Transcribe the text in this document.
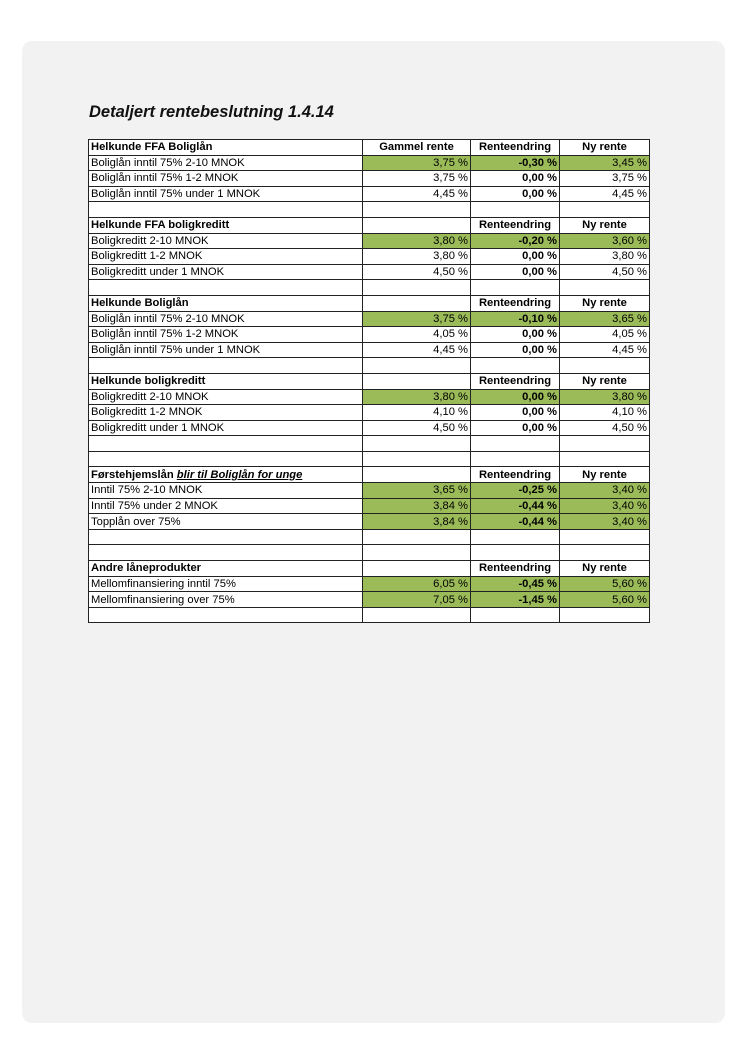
Detaljert rentebeslutning 1.4.14
Helkunde FFA Boliglån	Gammel rente	Renteendring	Ny rente
Boliglån inntil 75% 2-10 MNOK	3,75 %	-0,30 %	3,45 %
Boliglån inntil 75% 1-2 MNOK	3,75 %	0,00 %	3,75 %
Boliglån inntil 75% under 1 MNOK	4,45 %	0,00 %	4,45 %

Helkunde FFA boligkreditt		Renteendring	Ny rente
Boligkreditt 2-10 MNOK	3,80 %	-0,20 %	3,60 %
Boligkreditt 1-2 MNOK	3,80 %	0,00 %	3,80 %
Boligkreditt under 1 MNOK	4,50 %	0,00 %	4,50 %

Helkunde Boliglån		Renteendring	Ny rente
Boliglån inntil 75% 2-10 MNOK	3,75 %	-0,10 %	3,65 %
Boliglån inntil 75% 1-2 MNOK	4,05 %	0,00 %	4,05 %
Boliglån inntil 75% under 1 MNOK	4,45 %	0,00 %	4,45 %

Helkunde boligkreditt		Renteendring	Ny rente
Boligkreditt 2-10 MNOK	3,80 %	0,00 %	3,80 %
Boligkreditt 1-2 MNOK	4,10 %	0,00 %	4,10 %
Boligkreditt under 1 MNOK	4,50 %	0,00 %	4,50 %

Førstehjemslån blir til Boliglån for unge		Renteendring	Ny rente
Inntil 75% 2-10 MNOK	3,65 %	-0,25 %	3,40 %
Inntil 75% under 2 MNOK	3,84 %	-0,44 %	3,40 %
Topplån over 75%	3,84 %	-0,44 %	3,40 %

Andre låneprodukter		Renteendring	Ny rente
Mellomfinansiering inntil 75%	6,05 %	-0,45 %	5,60 %
Mellomfinansiering over 75%	7,05 %	-1,45 %	5,60 %
